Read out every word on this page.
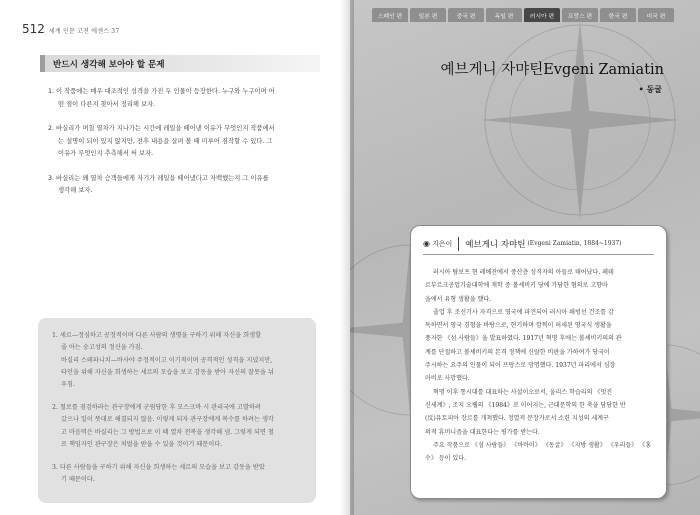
512 세계 인문 고전 에센스 37
반드시 생각해 보아야 할 문제
1. 이 작품에는 매우 대조적인 성격을 가진 두 인물이 등장한다. 누구와 누구이며 어
떤 점이 다른지 찾아서 정리해 보자.
2. 바실리가 며칠 열차가 지나가는 시간에 레일을 떼어낸 이유가 무엇인지 작품에서
는 설명이 되어 있지 않지만, 전후 내용을 살펴 볼 때 미루어 짐작할 수 있다. 그
이유가 무엇인지 추측해서 써 보자.
3. 바실리는 왜 열차 승객들에게 자기가 레일을 떼어냈다고 자백했는지 그 이유를
생각해 보자.
1. 세르—정심하고 공정적이며 다른 사람의 생명을 구하기 위해 자신을 희생할
줄 아는 숭고성의 정신을 가짐.
바실리 스테파니치—바사야 주정적이고 이기적이며 공격적인 성격을 지녔지만,
타인을 위해 자신을 희생하는 세르의 모습을 보고 감동을 받아 자신의 잘못을 뉘
우침.
2. 철로를 점검하라는 관구장에게 군림당한 후 모스크바 시 관리국에 고발하려
갔으나 일이 뜻대로 해결되지 않음. 이렇게 되자 관구장에게 복수를 하려는 생각
고 마음먹은 바실리는 그 방법으로 이 때 열차 전복을 생각해 냄. 그렇게 되면 철
로 책임자인 관구장은 처벌을 받을 수 있을 것이기 때문이다.
3. 다른 사람들을 구하기 위해 자신을 희생하는 세르의 모습을 보고 감동을 받았
기 때문이다.
스페인 편	일본 편	중국 편	독일 편	러시아 편	프랑스 편	한국 편	미국 편
예브게니 자먀틴Evgeni Zamiatin
• 동굴
◉ 지은이 예브게니 자먀틴 (Evgeni Zamiatin, 1884~1937)

러시아 탐보프 현 레베잔에서 중산층 성직자의 아들로 태어났다. 페테
르부르크공업기술대학에 재학 중 볼셰비키 당에 가담한 혐의로 고향마
을에서 유형 생활을 했다.

졸업 후 조선기사 자격으로 영국에 파견되어 러시아 쇄빙선 건조를 감
독하면서 영국 경험을 바탕으로, 현기하며 깜찍이 허세된 영국식 생활을
풍자한 《섬 사람들》을 발표하였다. 1917년 혁명 후에는 볼셰비키의의 관
계를 단절하고 볼셰비키의 본격 정책에 신랄한 비판을 가하여가 당국이
주시하는 요주의 인물이 되어 프랑스로 망명했다. 1937년 파리에서 심장
마비로 사망했다.

혁명 이후 통시대를 대표하는 사설이오로서, 울리스 학습리의 《멋진
신세계》, 조지 오웰의 《1984》로 이어지는, 근대문학의 한 축을 담당한 반
(反)유토피아 장르를 개척했다. 정열적 문장가로서 소련 지성의 세계구
의적 휴머니즘을 대표한다는 평가를 받는다.

주요 작품으로 《섬 사람들》 《바바이》 《동굴》 《지방 생활》 《우리들》 《홍
수》 등이 있다.
